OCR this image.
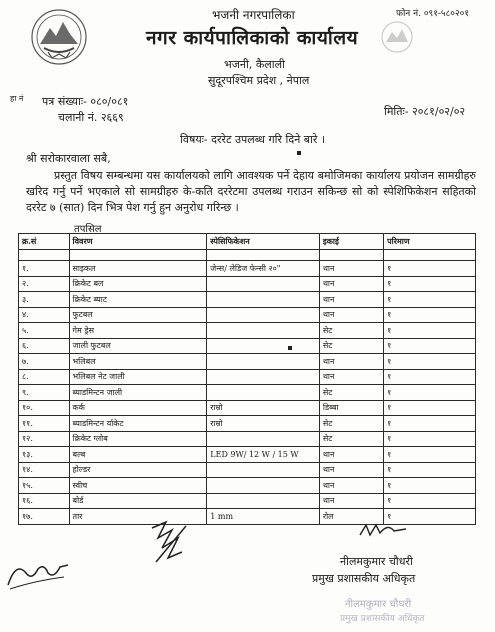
फोन नं. ०९१-५८०२०१
भजनी नगरपालिका
नगर कार्यपालिकाको कार्यालय
भजनी, कैलाली
सुदूरपश्चिम प्रदेश , नेपाल
हा नं पत्र संख्याः- ०८०/०८१
चलानी नं. २६६९	मितिः- २०८१/०२/०२
विषयः- दररेट उपलब्ध गरि दिने बारे ।
श्री सरोकारवाला सबै,
प्रस्तुत विषय सम्बन्धमा यस कार्यालयको लागि आवश्यक पर्ने देहाय बमोजिमका कार्यालय प्रयोजन सामग्रीहरु खरिद गर्नु पर्ने भएकाले सो सामग्रीहरु के-कति दररेटमा उपलब्ध गराउन सकिन्छ सो को स्पेशिफिकेशन सहितको दररेट ७ (सात) दिन भित्र पेश गर्नु हुन अनुरोध गरिन्छ ।
तपसिल
क्र.सं	विवरण	स्पेसिफिकेशन	इकाई	परिमाण

१.	साइकल	जेन्स/ लेडिज फेन्सी २०"	थान	१
२.	क्रिकेट बल		थान	१
३.	क्रिकेट ब्याट		थान	१
४.	फुटबल		थान	१
५.	गेम ड्रेस		सेट	१
६.	जाली फुटबल		सेट	१
७.	भलिबल		थान	१
८.	भलिबल नेट जाली		थान	१
९.	ब्याडमिन्टन जाली		सेट	१
१०.	कर्क	राम्रो	डिब्बा	१
११.	ब्याडमिन्टन र्याकेट	राम्रो	सेट	१
१२.	क्रिकेट ग्लोब		सेट	१
१३.	बल्ब	LED 9W/ 12 W / 15 W	थान	१
१४.	होल्डर		थान	१
१५.	स्वीच		थान	१
१६.	बोर्ड		थान	१
१७.	तार	1 mm	रोल	१
नीलमकुमार चौधरी
प्रमुख प्रशासकीय अधिकृत
नीलमकुमार चौधरी
प्रमुख प्रशासकीय अधिकृत
